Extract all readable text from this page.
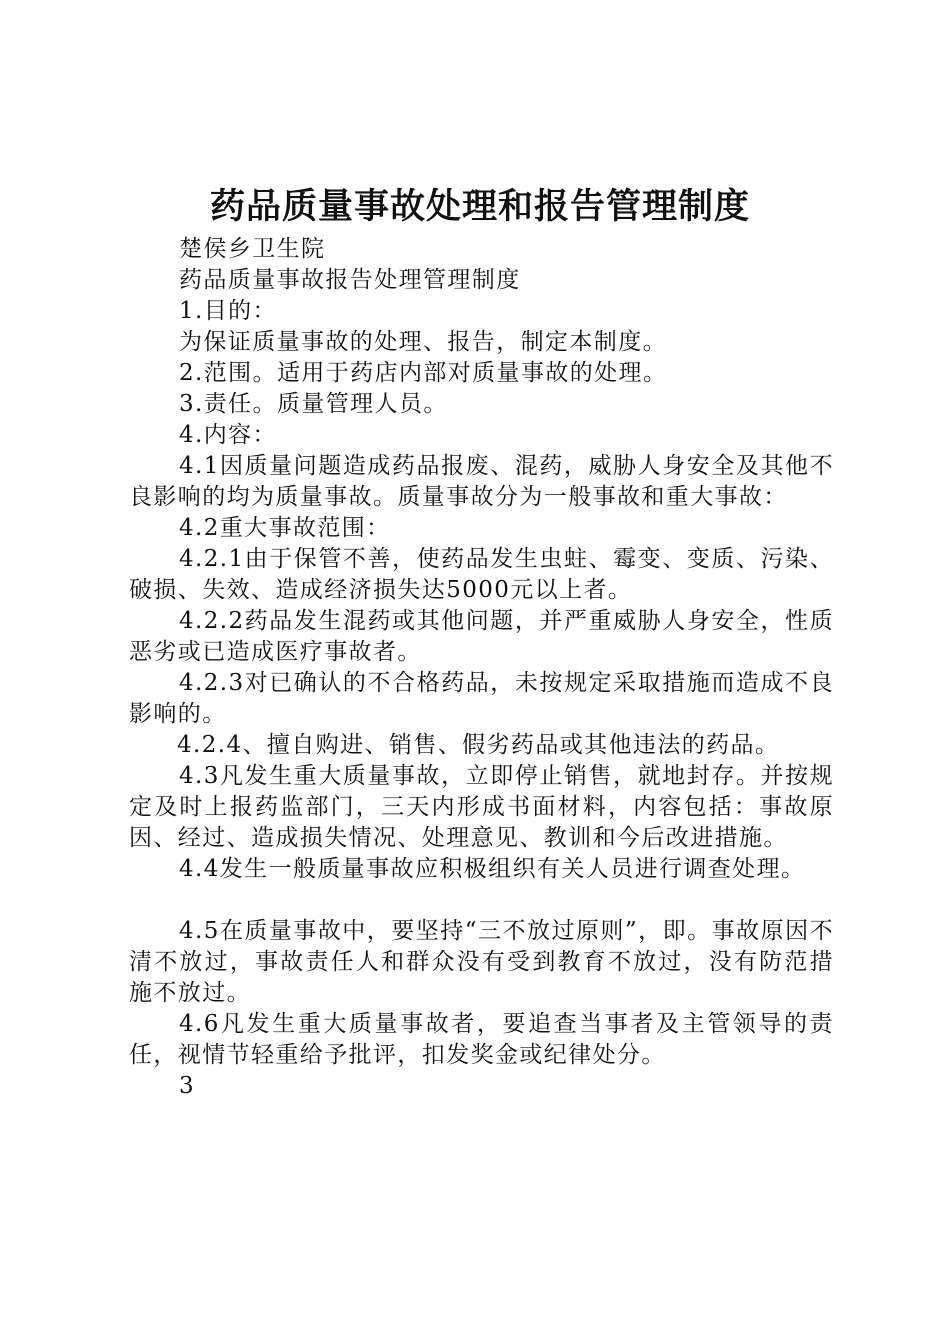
药品质量事故处理和报告管理制度

楚侯乡卫生院

药品质量事故报告处理管理制度

1.目的：

为保证质量事故的处理、报告，制定本制度。

2.范围。适用于药店内部对质量事故的处理。

3.责任。质量管理人员。

4.内容：

4.1因质量问题造成药品报废、混药，威胁人身安全及其他不良影响的均为质量事故。质量事故分为一般事故和重大事故：

4.2重大事故范围：

4.2.1由于保管不善，使药品发生虫蛀、霉变、变质、污染、破损、失效、造成经济损失达5000元以上者。

4.2.2药品发生混药或其他问题，并严重威胁人身安全，性质恶劣或已造成医疗事故者。

4.2.3对已确认的不合格药品，未按规定采取措施而造成不良影响的。

4.2.4、擅自购进、销售、假劣药品或其他违法的药品。

4.3凡发生重大质量事故，立即停止销售，就地封存。并按规定及时上报药监部门，三天内形成书面材料，内容包括：事故原因、经过、造成损失情况、处理意见、教训和今后改进措施。

4.4发生一般质量事故应积极组织有关人员进行调查处理。

4.5在质量事故中，要坚持“三不放过原则”，即。事故原因不清不放过，事故责任人和群众没有受到教育不放过，没有防范措施不放过。

4.6凡发生重大质量事故者，要追查当事者及主管领导的责任，视情节轻重给予批评，扣发奖金或纪律处分。

3
